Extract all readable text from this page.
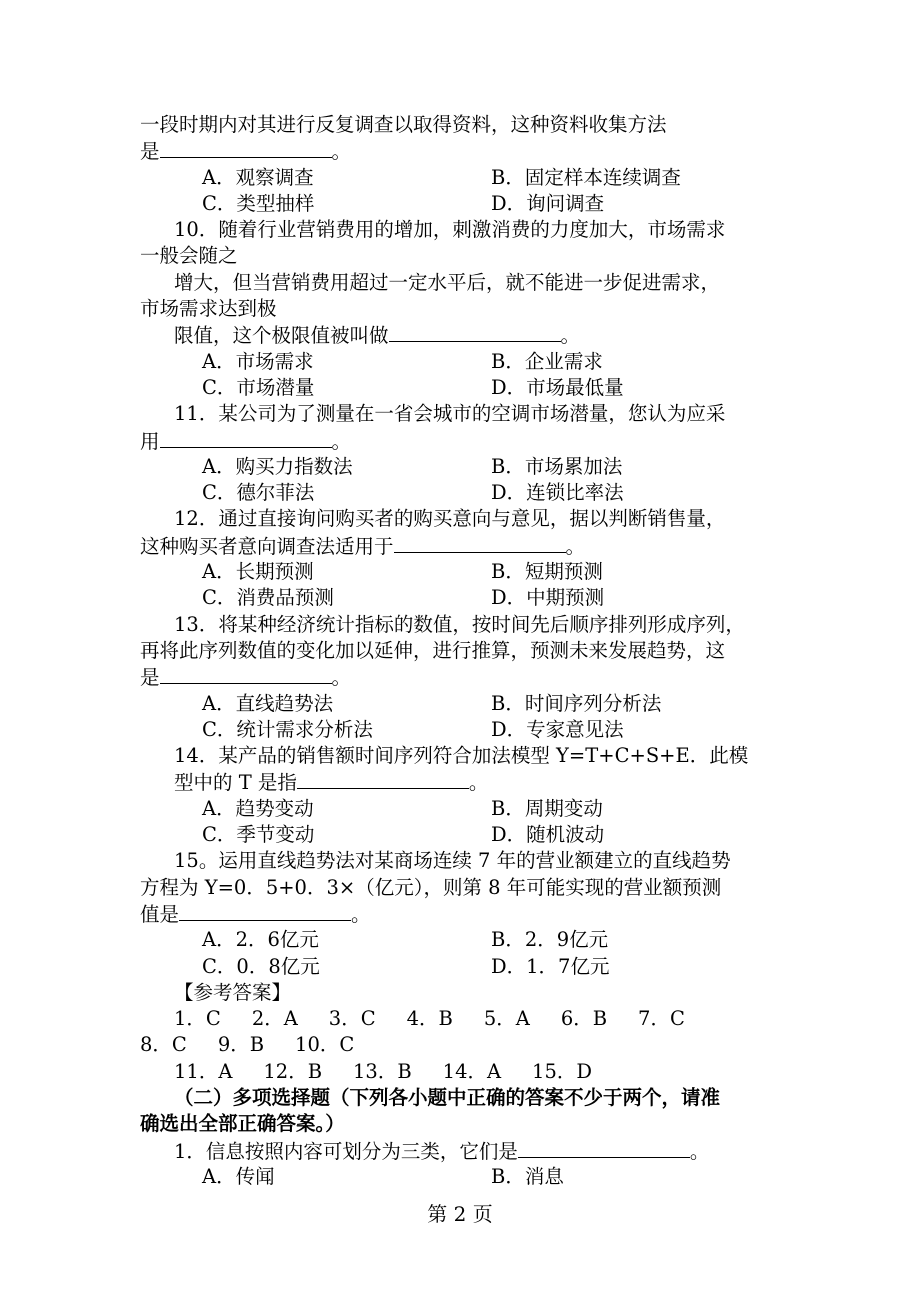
一段时期内对其进行反复调查以取得资料，这种资料收集方法
是	。
A．观察调查	B．固定样本连续调查
C．类型抽样	D．询问调查
10．随着行业营销费用的增加，刺激消费的力度加大，市场需求
一般会随之
增大，但当营销费用超过一定水平后，就不能进一步促进需求，
市场需求达到极
限值，这个极限值被叫做	。
A．市场需求	B．企业需求
C．市场潜量	D．市场最低量
11．某公司为了测量在一省会城市的空调市场潜量，您认为应采
用	。
A．购买力指数法	B．市场累加法
C．德尔菲法	D．连锁比率法
12．通过直接询问购买者的购买意向与意见，据以判断销售量，
这种购买者意向调查法适用于	。
A．长期预测	B．短期预测
C．消费品预测	D．中期预测
13．将某种经济统计指标的数值，按时间先后顺序排列形成序列，
再将此序列数值的变化加以延伸，进行推算，预测未来发展趋势，这
是	。
A．直线趋势法	B．时间序列分析法
C．统计需求分析法	D．专家意见法
14．某产品的销售额时间序列符合加法模型 Y=T+C+S+E．此模
型中的 T 是指	。
A．趋势变动	B．周期变动
C．季节变动	D．随机波动
15。运用直线趋势法对某商场连续 7 年的营业额建立的直线趋势
方程为 Y=0．5+0．3×（亿元），则第 8 年可能实现的营业额预测
值是	。
A．2．6亿元	B．2．9亿元
C．0．8亿元	D．1．7亿元
【参考答案】
1．C     2．A     3．C     4．B     5．A     6．B     7．C
8．C     9．B     10．C
11．A     12．B     13．B     14．A     15．D
（二）多项选择题（下列各小题中正确的答案不少于两个，请准
确选出全部正确答案。）
1．信息按照内容可划分为三类，它们是	。
A．传闻	B．消息
第 2 页
